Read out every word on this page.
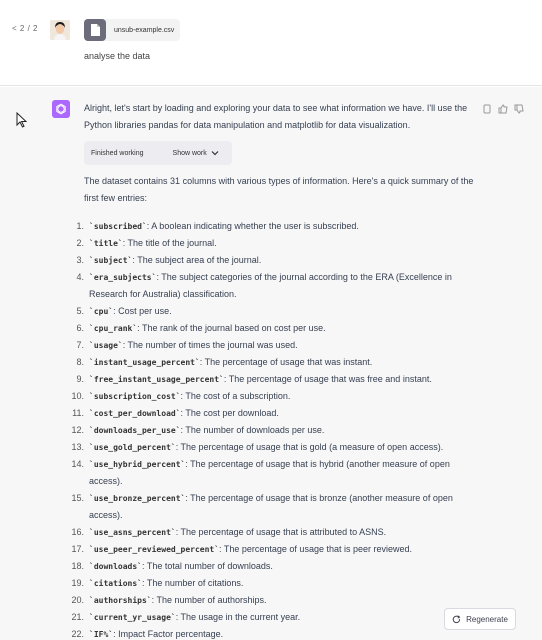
< 2 / 2	unsub-example.csv
analyse the data
Alright, let's start by loading and exploring your data to see what information we have. I'll use the Python libraries pandas for data manipulation and matplotlib for data visualization.
Finished working	Show work
The dataset contains 31 columns with various types of information. Here's a quick summary of the first few entries:
1. `subscribed`: A boolean indicating whether the user is subscribed.
2. `title`: The title of the journal.
3. `subject`: The subject area of the journal.
4. `era_subjects`: The subject categories of the journal according to the ERA (Excellence in Research for Australia) classification.
5. `cpu`: Cost per use.
6. `cpu_rank`: The rank of the journal based on cost per use.
7. `usage`: The number of times the journal was used.
8. `instant_usage_percent`: The percentage of usage that was instant.
9. `free_instant_usage_percent`: The percentage of usage that was free and instant.
10. `subscription_cost`: The cost of a subscription.
11. `cost_per_download`: The cost per download.
12. `downloads_per_use`: The number of downloads per use.
13. `use_gold_percent`: The percentage of usage that is gold (a measure of open access).
14. `use_hybrid_percent`: The percentage of usage that is hybrid (another measure of open access).
15. `use_bronze_percent`: The percentage of usage that is bronze (another measure of open access).
16. `use_asns_percent`: The percentage of usage that is attributed to ASNS.
17. `use_peer_reviewed_percent`: The percentage of usage that is peer reviewed.
18. `downloads`: The total number of downloads.
19. `citations`: The number of citations.
20. `authorships`: The number of authorships.
21. `current_yr_usage`: The usage in the current year.
22. `IF%`: Impact Factor percentage.
Regenerate
